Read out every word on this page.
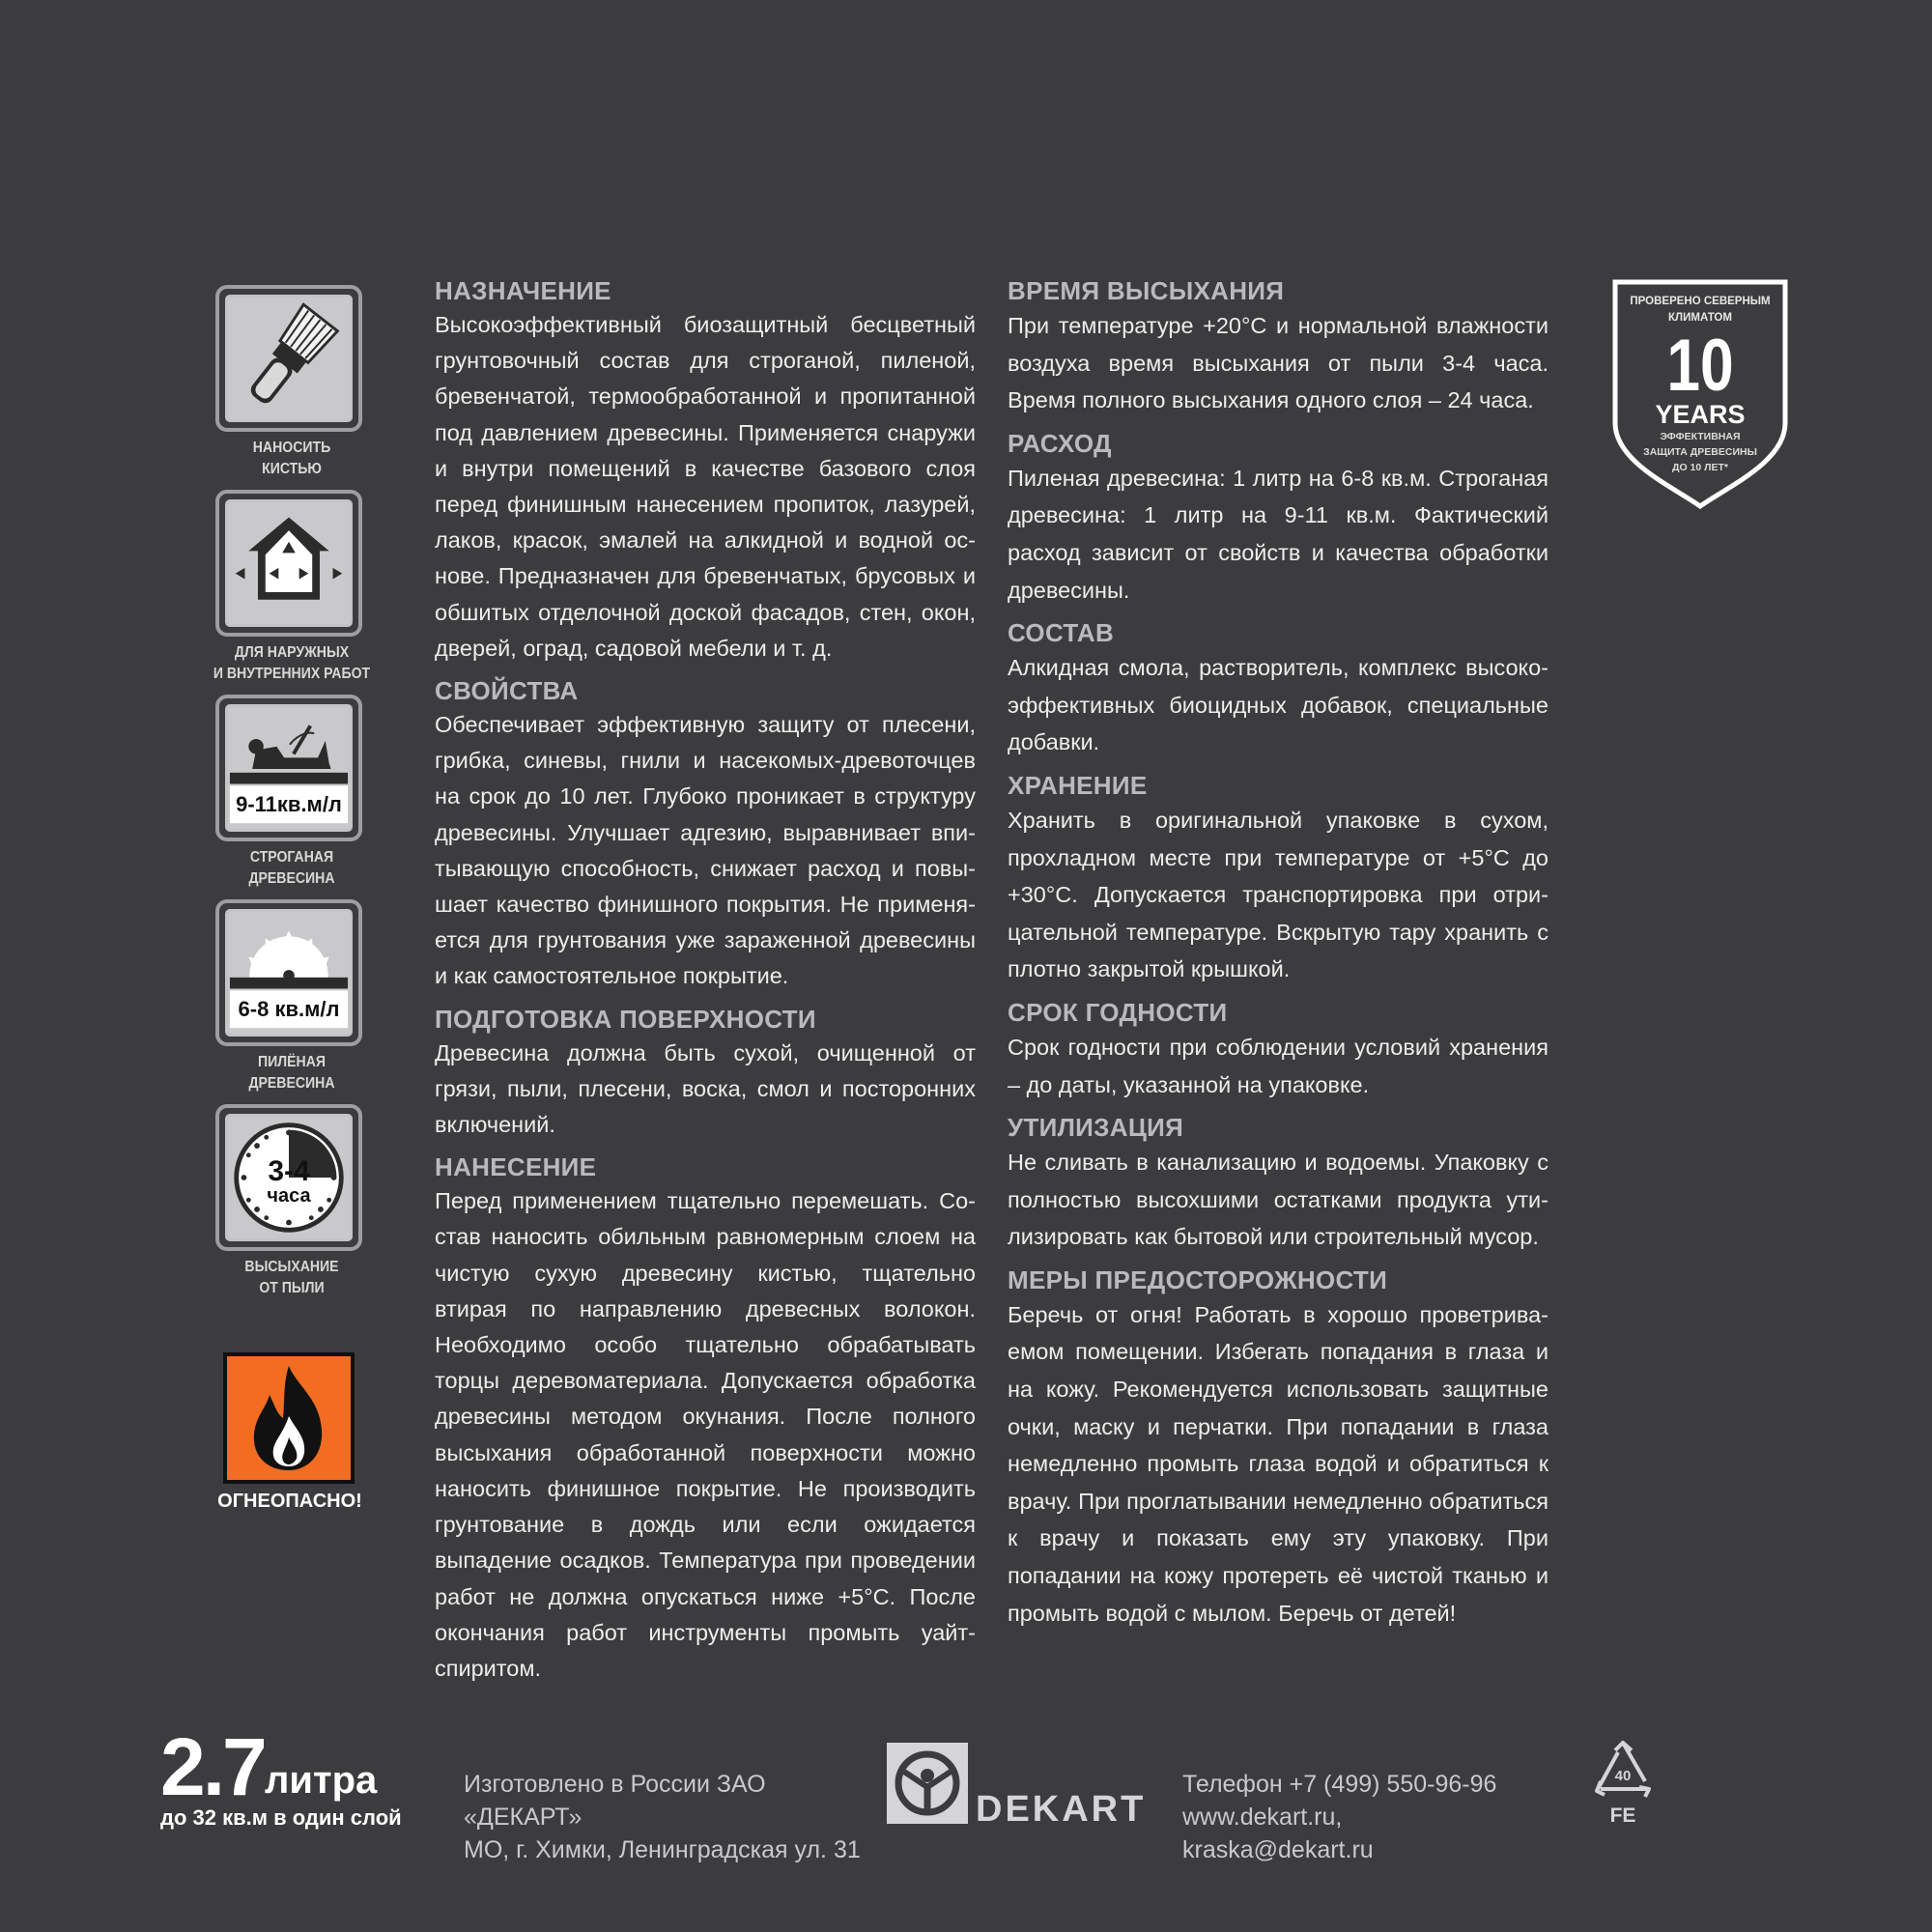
НАНОСИТЬ
КИСТЬЮ
ДЛЯ НАРУЖНЫХ
И ВНУТРЕННИХ РАБОТ
9-11кв.м/л
СТРОГАНАЯ
ДРЕВЕСИНА
6-8 кв.м/л
ПИЛЁНАЯ
ДРЕВЕСИНА
3-4
часа
ВЫСЫХАНИЕ
ОТ ПЫЛИ
ОГНЕОПАСНО!
НАЗНАЧЕНИЕ

Высокоэффективный биозащитный бесцветный грунтовочный состав для строганой, пиленой, бревенчатой, термообработанной и пропитанной под давлением древесины. Применяется снаружи и внутри помещений в качестве базового слоя перед финишным нанесением пропиток, лазурей, лаков, красок, эмалей на алкидной и водной основе. Предназначен для бревенчатых, брусовых и обшитых отделочной доской фасадов, стен, окон, дверей, оград, садовой мебели и т. д.

СВОЙСТВА

Обеспечивает эффективную защиту от плесени, грибка, синевы, гнили и насекомых-древоточцев на срок до 10 лет. Глубоко проникает в структуру древесины. Улучшает адгезию, выравнивает впитывающую способность, снижает расход и повышает качество финишного покрытия. Не применяется для грунтования уже зараженной древесины и как самостоятельное покрытие.

ПОДГОТОВКА ПОВЕРХНОСТИ

Древесина должна быть сухой, очищенной от грязи, пыли, плесени, воска, смол и посторонних включений.

НАНЕСЕНИЕ

Перед применением тщательно перемешать. Состав наносить обильным равномерным слоем на чистую сухую древесину кистью, тщательно втирая по направлению древесных волокон. Необходимо особо тщательно обрабатывать торцы деревоматериала. Допускается обработка древесины методом окунания. После полного высыхания обработанной поверхности можно наносить финишное покрытие. Не производить грунтование в дождь или если ожидается выпадение осадков. Температура при проведении работ не должна опускаться ниже +5°С. После окончания работ инструменты промыть уайт-спиритом.

ВРЕМЯ ВЫСЫХАНИЯ

При температуре +20°С и нормальной влажности воздуха время высыхания от пыли 3-4 часа. Время полного высыхания одного слоя – 24 часа.

РАСХОД

Пиленая древесина: 1 литр на 6-8 кв.м. Строганая древесина: 1 литр на 9-11 кв.м. Фактический расход зависит от свойств и качества обработки древесины.

СОСТАВ

Алкидная смола, растворитель, комплекс высокоэффективных биоцидных добавок, специальные добавки.

ХРАНЕНИЕ

Хранить в оригинальной упаковке в сухом, прохладном месте при температуре от +5°С до +30°С. Допускается транспортировка при отрицательной температуре. Вскрытую тару хранить с плотно закрытой крышкой.

СРОК ГОДНОСТИ

Срок годности при соблюдении условий хранения – до даты, указанной на упаковке.

УТИЛИЗАЦИЯ

Не сливать в канализацию и водоемы. Упаковку с полностью высохшими остатками продукта утилизировать как бытовой или строительный мусор.

МЕРЫ ПРЕДОСТОРОЖНОСТИ

Беречь от огня! Работать в хорошо проветриваемом помещении. Избегать попадания в глаза и на кожу. Рекомендуется использовать защитные очки, маску и перчатки. При попадании в глаза немедленно промыть глаза водой и обратиться к врачу. При проглатывании немедленно обратиться к врачу и показать ему эту упаковку. При попадании на кожу протереть её чистой тканью и промыть водой с мылом. Беречь от детей!

ПРОВЕРЕНО СЕВЕРНЫМ
КЛИМАТОМ
10
YEARS
ЭФФЕКТИВНАЯ
ЗАЩИТА ДРЕВЕСИНЫ
ДО 10 ЛЕТ*
2.7 литра
до 32 кв.м в один слой
Изготовлено в России ЗАО «ДЕКАРТ»
МО, г. Химки, Ленинградская ул. 31
DEKART
Телефон +7 (499) 550-96-96
www.dekart.ru, kraska@dekart.ru
40
FE
